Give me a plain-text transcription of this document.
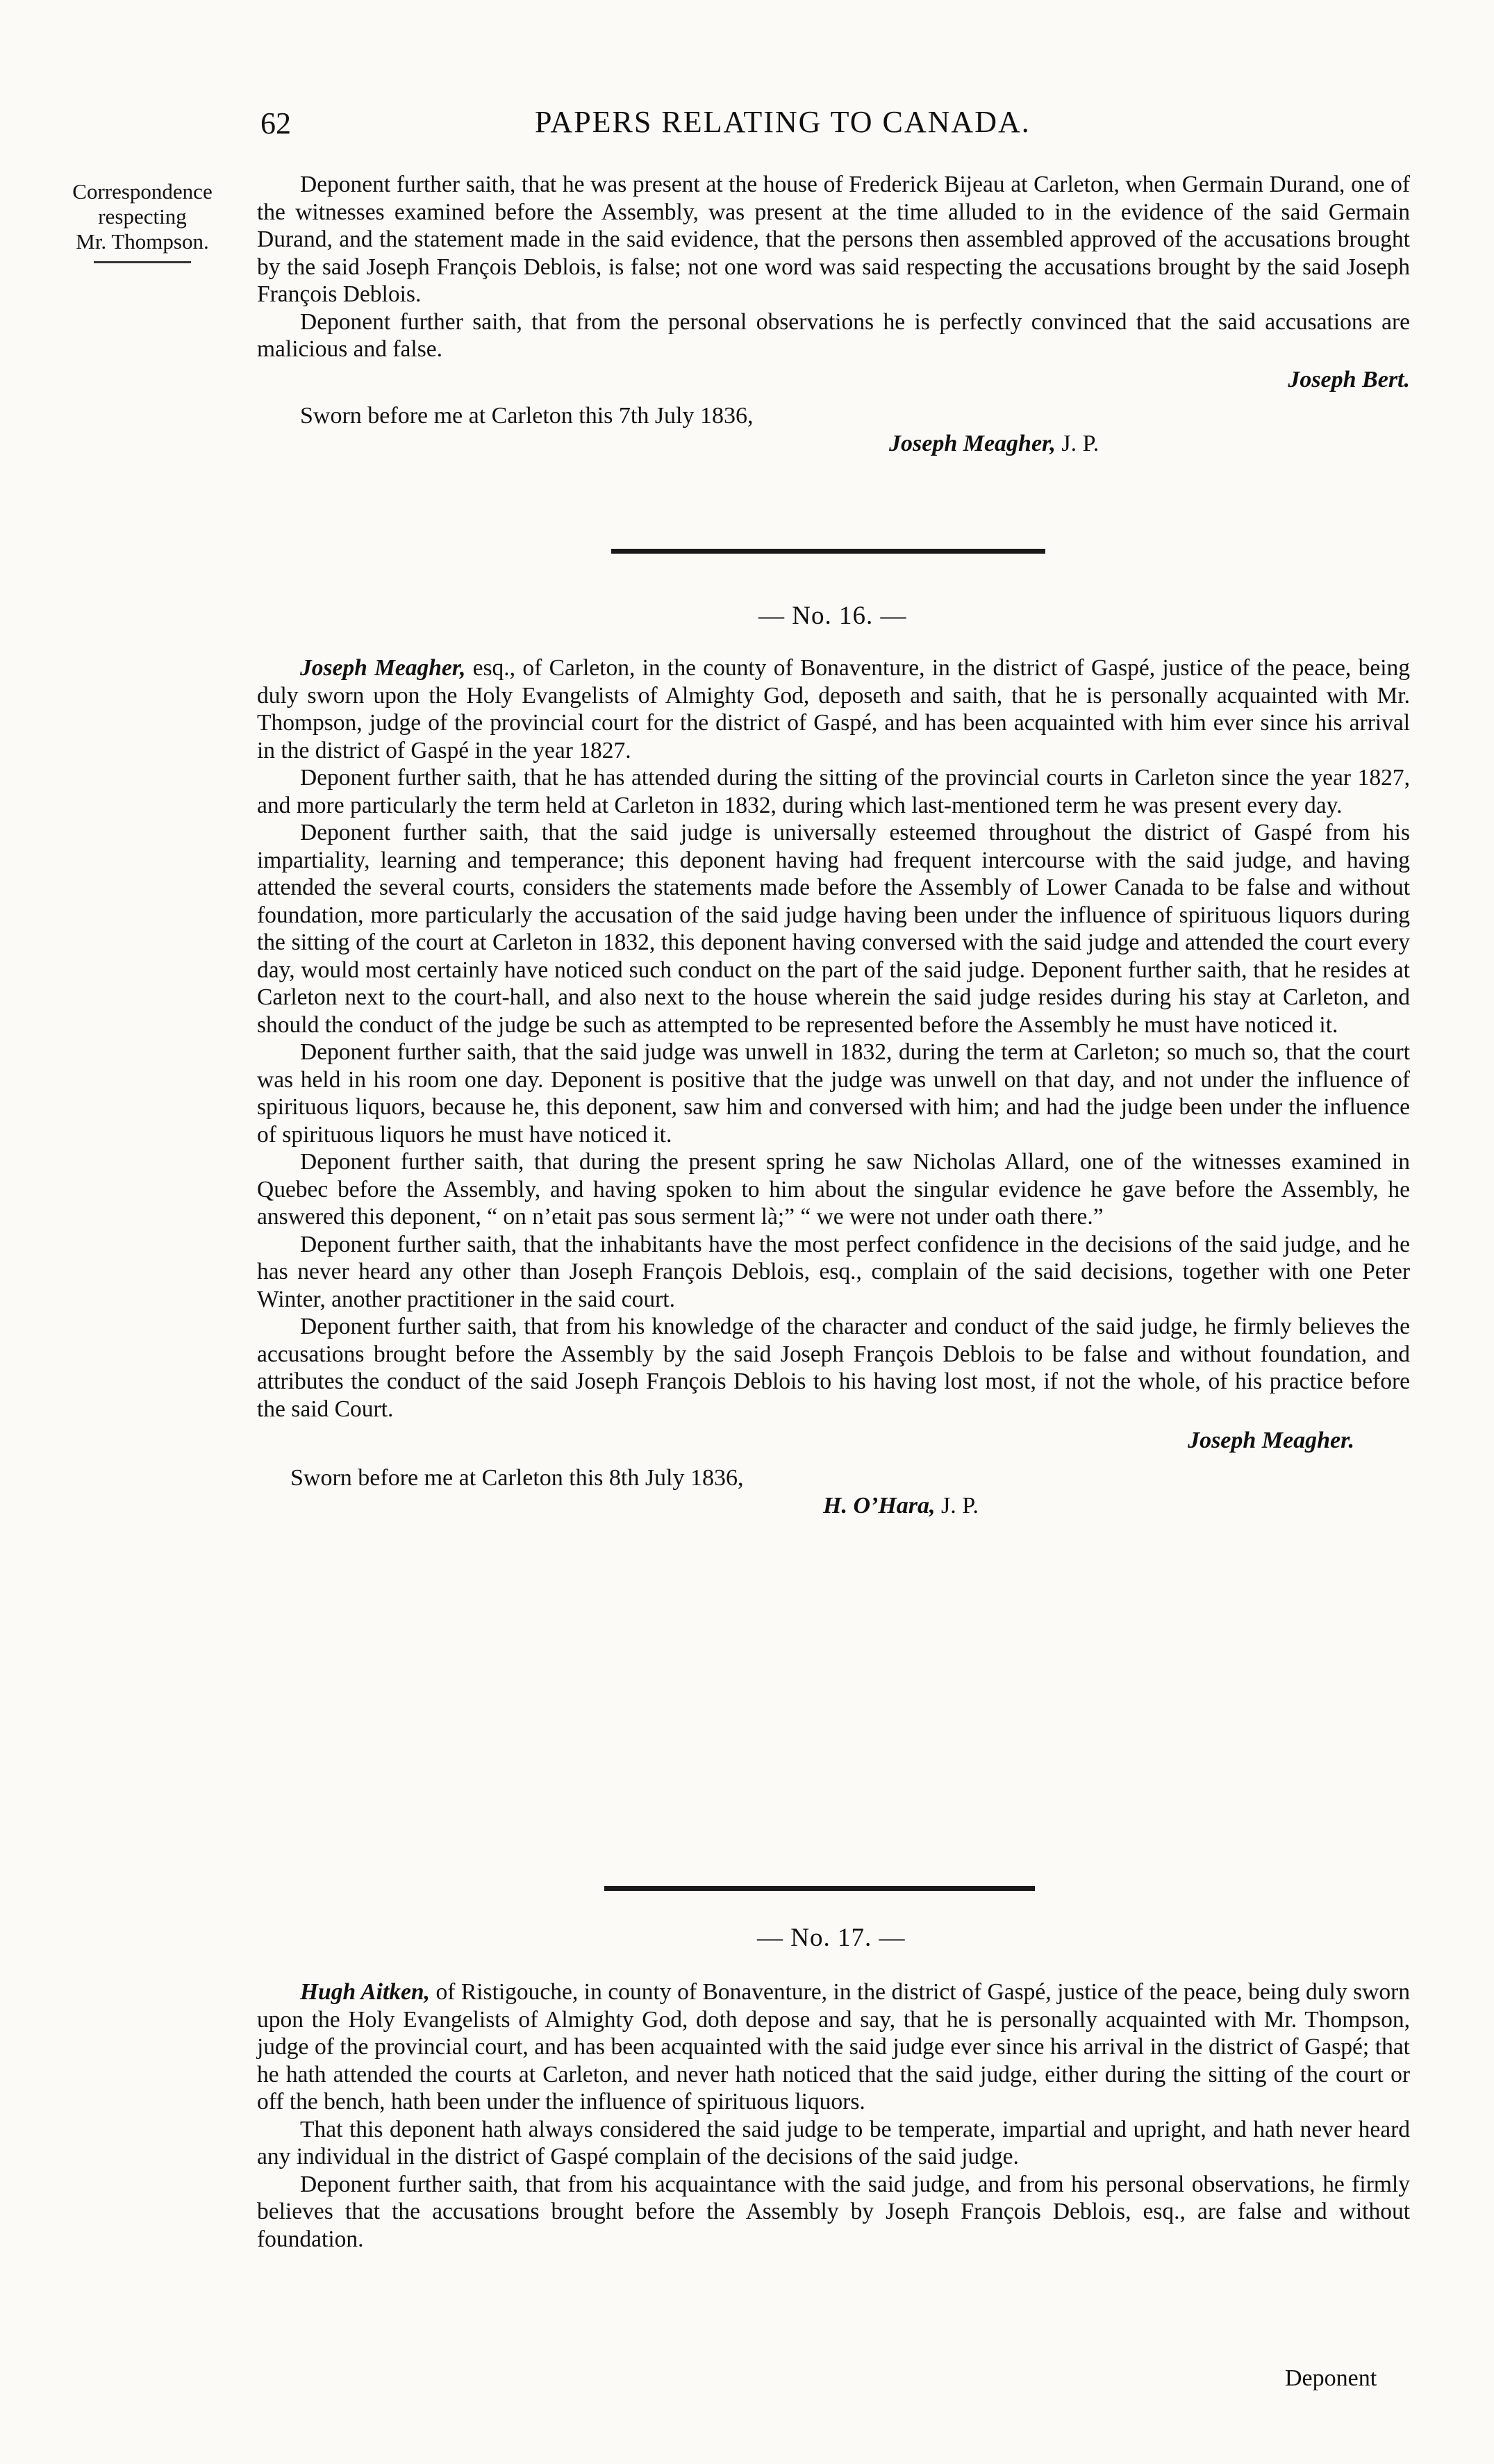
62	PAPERS RELATING TO CANADA.
Correspondence
respecting
Mr. Thompson.

Deponent further saith, that he was present at the house of Frederick Bijeau at Carleton, when Germain Durand, one of the witnesses examined before the Assembly, was present at the time alluded to in the evidence of the said Germain Durand, and the statement made in the said evidence, that the persons then assembled approved of the accusations brought by the said Joseph François Deblois, is false; not one word was said respecting the accusations brought by the said Joseph François Deblois.

Deponent further saith, that from the personal observations he is perfectly convinced that the said accusations are malicious and false.

Joseph Bert.
Sworn before me at Carleton this 7th July 1836,
Joseph Meagher, J. P.
— No. 16. —

Joseph Meagher, esq., of Carleton, in the county of Bonaventure, in the district of Gaspé, justice of the peace, being duly sworn upon the Holy Evangelists of Almighty God, deposeth and saith, that he is personally acquainted with Mr. Thompson, judge of the provincial court for the district of Gaspé, and has been acquainted with him ever since his arrival in the district of Gaspé in the year 1827.

Deponent further saith, that he has attended during the sitting of the provincial courts in Carleton since the year 1827, and more particularly the term held at Carleton in 1832, during which last-mentioned term he was present every day.

Deponent further saith, that the said judge is universally esteemed throughout the district of Gaspé from his impartiality, learning and temperance; this deponent having had frequent intercourse with the said judge, and having attended the several courts, considers the statements made before the Assembly of Lower Canada to be false and without foundation, more particularly the accusation of the said judge having been under the influence of spirituous liquors during the sitting of the court at Carleton in 1832, this deponent having conversed with the said judge and attended the court every day, would most certainly have noticed such conduct on the part of the said judge. Deponent further saith, that he resides at Carleton next to the court-hall, and also next to the house wherein the said judge resides during his stay at Carleton, and should the conduct of the judge be such as attempted to be represented before the Assembly he must have noticed it.

Deponent further saith, that the said judge was unwell in 1832, during the term at Carleton; so much so, that the court was held in his room one day. Deponent is positive that the judge was unwell on that day, and not under the influence of spirituous liquors, because he, this deponent, saw him and conversed with him; and had the judge been under the influence of spirituous liquors he must have noticed it.

Deponent further saith, that during the present spring he saw Nicholas Allard, one of the witnesses examined in Quebec before the Assembly, and having spoken to him about the singular evidence he gave before the Assembly, he answered this deponent, “ on n’etait pas sous serment là;” “ we were not under oath there.”

Deponent further saith, that the inhabitants have the most perfect confidence in the decisions of the said judge, and he has never heard any other than Joseph François Deblois, esq., complain of the said decisions, together with one Peter Winter, another practitioner in the said court.

Deponent further saith, that from his knowledge of the character and conduct of the said judge, he firmly believes the accusations brought before the Assembly by the said Joseph François Deblois to be false and without foundation, and attributes the conduct of the said Joseph François Deblois to his having lost most, if not the whole, of his practice before the said Court.

Joseph Meagher.
Sworn before me at Carleton this 8th July 1836,
H. O’Hara, J. P.
— No. 17. —

Hugh Aitken, of Ristigouche, in county of Bonaventure, in the district of Gaspé, justice of the peace, being duly sworn upon the Holy Evangelists of Almighty God, doth depose and say, that he is personally acquainted with Mr. Thompson, judge of the provincial court, and has been acquainted with the said judge ever since his arrival in the district of Gaspé; that he hath attended the courts at Carleton, and never hath noticed that the said judge, either during the sitting of the court or off the bench, hath been under the influence of spirituous liquors.

That this deponent hath always considered the said judge to be temperate, impartial and upright, and hath never heard any individual in the district of Gaspé complain of the decisions of the said judge.

Deponent further saith, that from his acquaintance with the said judge, and from his personal observations, he firmly believes that the accusations brought before the Assembly by Joseph François Deblois, esq., are false and without foundation.

Deponent
